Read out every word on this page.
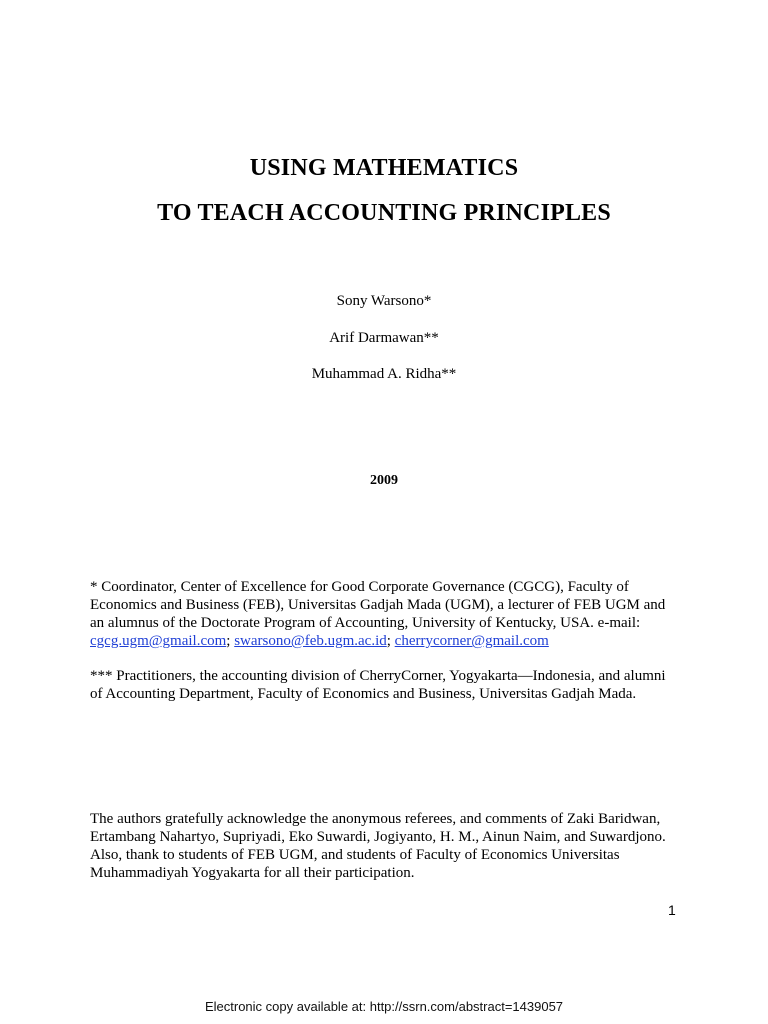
USING MATHEMATICS
TO TEACH ACCOUNTING PRINCIPLES
Sony Warsono*
Arif Darmawan**
Muhammad A. Ridha**
2009
* Coordinator, Center of Excellence for Good Corporate Governance (CGCG), Faculty of
Economics and Business (FEB), Universitas Gadjah Mada (UGM), a lecturer of FEB UGM and
an alumnus of the Doctorate Program of Accounting, University of Kentucky, USA. e-mail:
cgcg.ugm@gmail.com; swarsono@feb.ugm.ac.id; cherrycorner@gmail.com
*** Practitioners, the accounting division of CherryCorner, Yogyakarta—Indonesia, and alumni
of Accounting Department, Faculty of Economics and Business, Universitas Gadjah Mada.
The authors gratefully acknowledge the anonymous referees, and comments of Zaki Baridwan,
Ertambang Nahartyo, Supriyadi, Eko Suwardi, Jogiyanto, H. M., Ainun Naim, and Suwardjono.
Also, thank to students of FEB UGM, and students of Faculty of Economics Universitas
Muhammadiyah Yogyakarta for all their participation.
1
Electronic copy available at: http://ssrn.com/abstract=1439057
